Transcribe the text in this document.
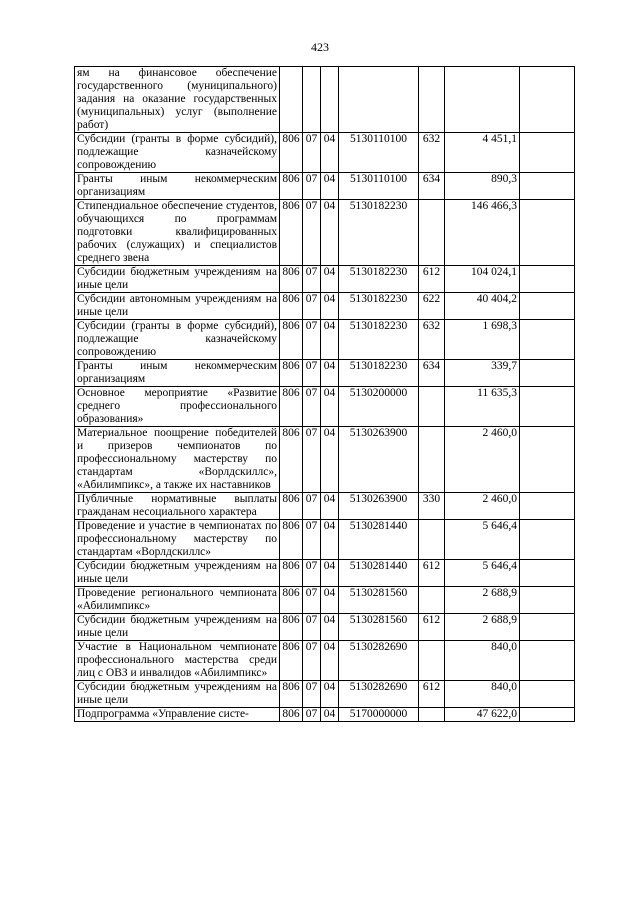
423
ям на финансовое обеспечение государственного (муниципального) задания на оказание государственных (муниципальных) услуг (выполнение работ)							
Субсидии (гранты в форме субсидий), подлежащие казначейскому сопровождению	806	07	04	5130110100	632	4 451,1	
Гранты иным некоммерческим организациям	806	07	04	5130110100	634	890,3	
Стипендиальное обеспечение студентов, обучающихся по программам подготовки квалифицированных рабочих (служащих) и специалистов среднего звена	806	07	04	5130182230		146 466,3	
Субсидии бюджетным учреждениям на иные цели	806	07	04	5130182230	612	104 024,1	
Субсидии автономным учреждениям на иные цели	806	07	04	5130182230	622	40 404,2	
Субсидии (гранты в форме субсидий), подлежащие казначейскому сопровождению	806	07	04	5130182230	632	1 698,3	
Гранты иным некоммерческим организациям	806	07	04	5130182230	634	339,7	
Основное мероприятие «Развитие среднего профессионального образования»	806	07	04	5130200000		11 635,3	
Материальное поощрение победителей и призеров чемпионатов по профессиональному мастерству по стандартам «Ворлдскиллс», «Абилимпикс», а также их наставников	806	07	04	5130263900		2 460,0	
Публичные нормативные выплаты гражданам несоциального характера	806	07	04	5130263900	330	2 460,0	
Проведение и участие в чемпионатах по профессиональному мастерству по стандартам «Ворлдскиллс»	806	07	04	5130281440		5 646,4	
Субсидии бюджетным учреждениям на иные цели	806	07	04	5130281440	612	5 646,4	
Проведение регионального чемпионата «Абилимпикс»	806	07	04	5130281560		2 688,9	
Субсидии бюджетным учреждениям на иные цели	806	07	04	5130281560	612	2 688,9	
Участие в Национальном чемпионате профессионального мастерства среди лиц с ОВЗ и инвалидов «Абилимпикс»	806	07	04	5130282690		840,0	
Субсидии бюджетным учреждениям на иные цели	806	07	04	5130282690	612	840,0	
Подпрограмма «Управление систе-	806	07	04	5170000000		47 622,0	
